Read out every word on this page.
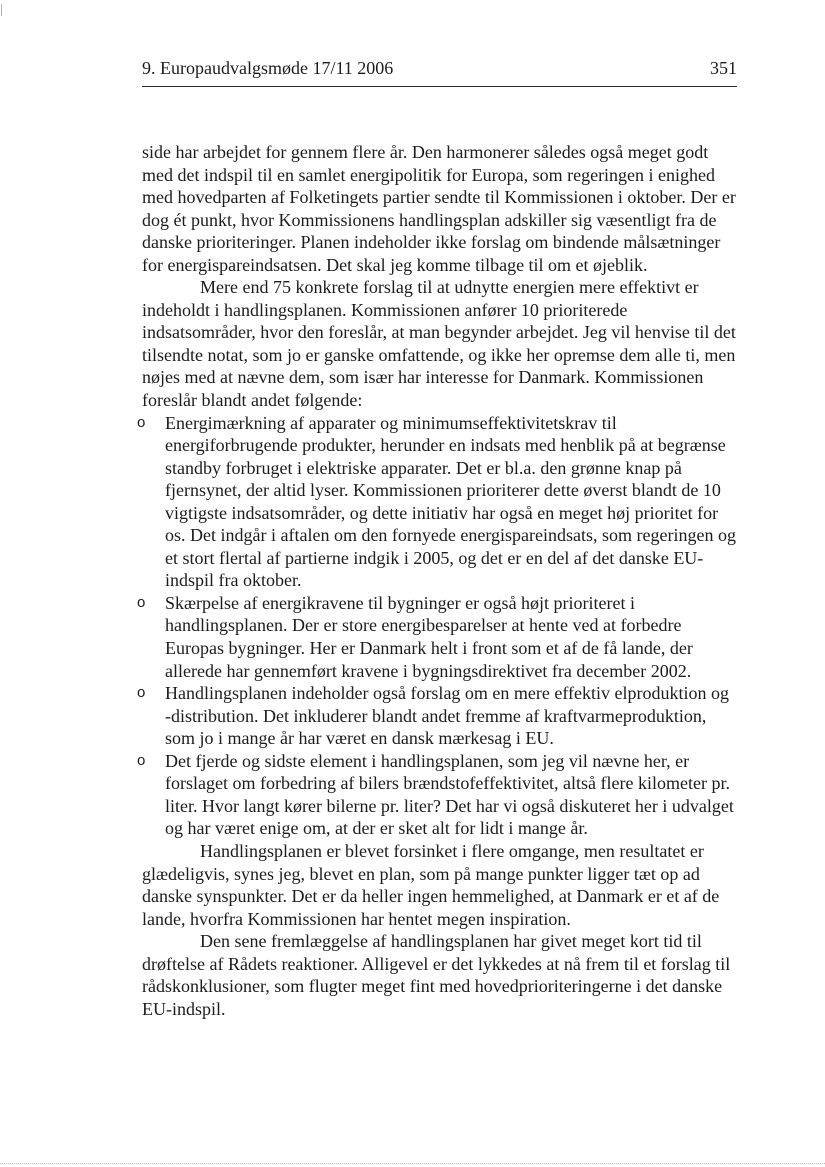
9. Europaudvalgsmøde 17/11 2006	351

side har arbejdet for gennem flere år. Den harmonerer således også meget godt med det indspil til en samlet energipolitik for Europa, som regeringen i enighed med hovedparten af Folketingets partier sendte til Kommissionen i oktober. Der er dog ét punkt, hvor Kommissionens handlingsplan adskiller sig væsentligt fra de danske prioriteringer. Planen indeholder ikke forslag om bindende målsætninger for energispareindsatsen. Det skal jeg komme tilbage til om et øjeblik.

Mere end 75 konkrete forslag til at udnytte energien mere effektivt er indeholdt i handlingsplanen. Kommissionen anfører 10 prioriterede indsatsområder, hvor den foreslår, at man begynder arbejdet. Jeg vil henvise til det tilsendte notat, som jo er ganske omfattende, og ikke her opremse dem alle ti, men nøjes med at nævne dem, som især har interesse for Danmark. Kommissionen foreslår blandt andet følgende:

o Energimærkning af apparater og minimumseffektivitetskrav til energiforbrugende produkter, herunder en indsats med henblik på at begrænse standby forbruget i elektriske apparater. Det er bl.a. den grønne knap på fjernsynet, der altid lyser. Kommissionen prioriterer dette øverst blandt de 10 vigtigste indsatsområder, og dette initiativ har også en meget høj prioritet for os. Det indgår i aftalen om den fornyede energispareindsats, som regeringen og et stort flertal af partierne indgik i 2005, og det er en del af det danske EU-indspil fra oktober.
o Skærpelse af energikravene til bygninger er også højt prioriteret i handlingsplanen. Der er store energibesparelser at hente ved at forbedre Europas bygninger. Her er Danmark helt i front som et af de få lande, der allerede har gennemført kravene i bygningsdirektivet fra december 2002.
o Handlingsplanen indeholder også forslag om en mere effektiv elproduktion og -distribution. Det inkluderer blandt andet fremme af kraftvarmeproduktion, som jo i mange år har været en dansk mærkesag i EU.
o Det fjerde og sidste element i handlingsplanen, som jeg vil nævne her, er forslaget om forbedring af bilers brændstofeffektivitet, altså flere kilometer pr. liter. Hvor langt kører bilerne pr. liter? Det har vi også diskuteret her i udvalget og har været enige om, at der er sket alt for lidt i mange år.

Handlingsplanen er blevet forsinket i flere omgange, men resultatet er glædeligvis, synes jeg, blevet en plan, som på mange punkter ligger tæt op ad danske synspunkter. Det er da heller ingen hemmelighed, at Danmark er et af de lande, hvorfra Kommissionen har hentet megen inspiration.

Den sene fremlæggelse af handlingsplanen har givet meget kort tid til drøftelse af Rådets reaktioner. Alligevel er det lykkedes at nå frem til et forslag til rådskonklusioner, som flugter meget fint med hovedprioriteringerne i det danske EU-indspil.
